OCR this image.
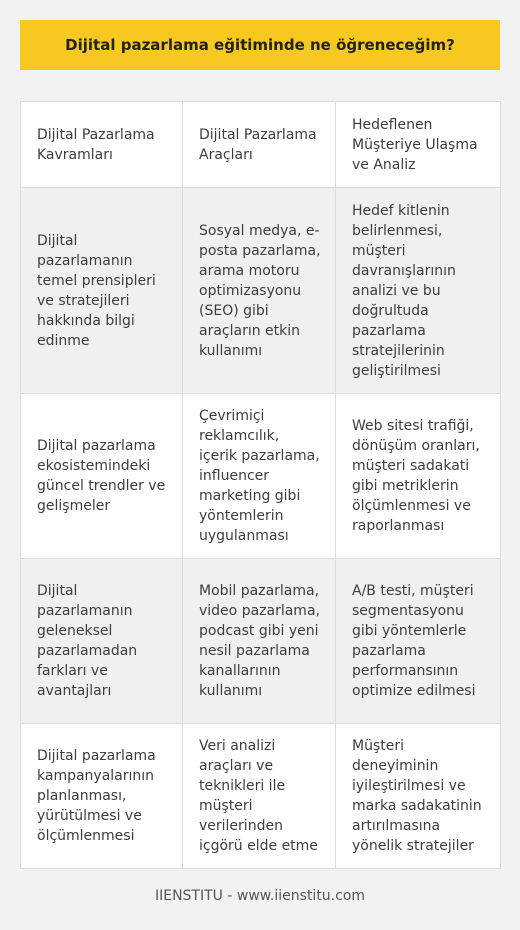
Dijital pazarlama eğitiminde ne öğreneceğim?
Dijital Pazarlama Kavramları	Dijital Pazarlama Araçları	Hedeflenen Müşteriye Ulaşma ve Analiz
Dijital pazarlamanın temel prensipleri ve stratejileri hakkında bilgi edinme	Sosyal medya, e-posta pazarlama, arama motoru optimizasyonu (SEO) gibi araçların etkin kullanımı	Hedef kitlenin belirlenmesi, müşteri davranışlarının analizi ve bu doğrultuda pazarlama stratejilerinin geliştirilmesi
Dijital pazarlama ekosistemindeki güncel trendler ve gelişmeler	Çevrimiçi reklamcılık, içerik pazarlama, influencer marketing gibi yöntemlerin uygulanması	Web sitesi trafiği, dönüşüm oranları, müşteri sadakati gibi metriklerin ölçümlenmesi ve raporlanması
Dijital pazarlamanın geleneksel pazarlamadan farkları ve avantajları	Mobil pazarlama, video pazarlama, podcast gibi yeni nesil pazarlama kanallarının kullanımı	A/B testi, müşteri segmentasyonu gibi yöntemlerle pazarlama performansının optimize edilmesi
Dijital pazarlama kampanyalarının planlanması, yürütülmesi ve ölçümlenmesi	Veri analizi araçları ve teknikleri ile müşteri verilerinden içgörü elde etme	Müşteri deneyiminin iyileştirilmesi ve marka sadakatinin artırılmasına yönelik stratejiler
IIENSTITU - www.iienstitu.com
